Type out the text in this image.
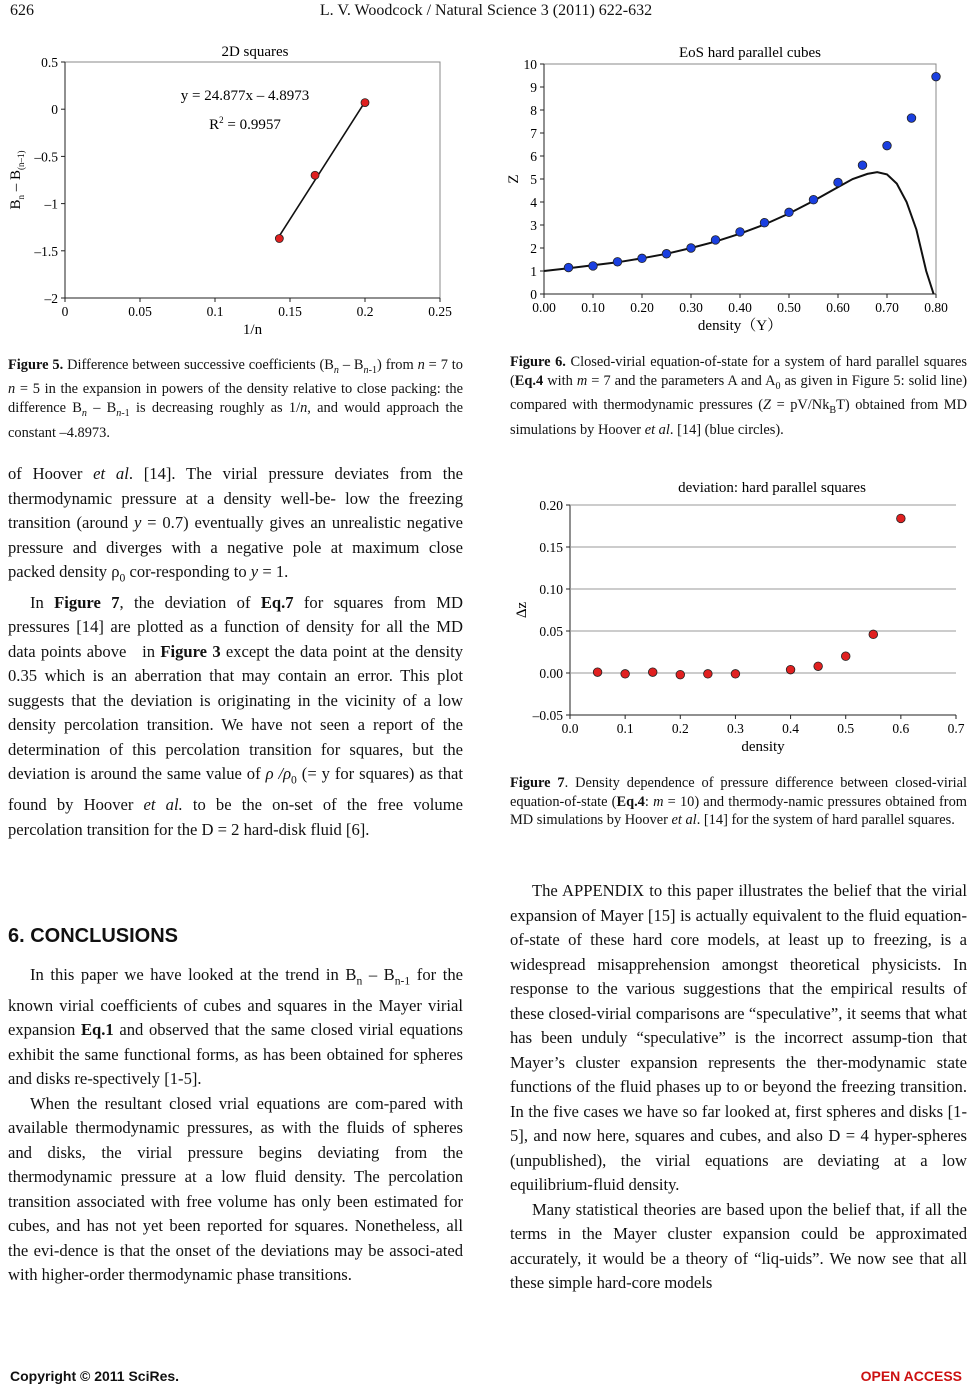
626	L. V. Woodcock / Natural Science 3 (2011) 622-632
0	0.05	0.1	0.15	0.2	0.25
0.5
0
–0.5
–1
–1.5
–2
2D squares
1/n
$B_n - B_{(n-1)}$
y = 24.877x – 4.8973
$R^2 = 0.9957$
0.00 0.10 0.20 0.30 0.40 0.50 0.60 0.70 0.80
10
9
8
7
6
5
4
3
2
1
0
EoS hard parallel cubes
density（Y）
Z
0.0	0.1	0.2	0.3	0.4	0.5	0.6	0.7
0.20
0.15
0.10
0.05
0.00
–0.05
deviation: hard parallel squares
density
Δz
Figure 5. Difference between successive coefficients $(B_n - B_{n-1})$ from n = 7 to n = 5 in the expansion in powers of the density relative to close packing: the difference $B_n - B_{n-1}$ is decreasing roughly as 1/n, and would approach the constant –4.8973.
Figure 6. Closed-virial equation-of-state for a system of hard parallel squares (Eq.4 with m = 7 and the parameters A and $A_0$ as given in Figure 5: solid line) compared with thermodynamic pressures $(Z = pV/Nk_BT)$ obtained from MD simulations by Hoover et al. [14] (blue circles).
Figure 7. Density dependence of pressure difference between closed-virial equation-of-state (Eq.4: m = 10) and thermody-namic pressures obtained from MD simulations by Hoover et al. [14] for the system of hard parallel squares.

of Hoover et al. [14]. The virial pressure deviates from the thermodynamic pressure at a density well-be- low the freezing transition (around y = 0.7) eventually gives an unrealistic negative pressure and diverges with a negative pole at maximum close packed density $\rho_0$ cor-responding to y = 1.

In Figure 7, the deviation of Eq.7 for squares from MD pressures [14] are plotted as a function of density for all the MD data points above   in Figure 3 except the data point at the density 0.35 which is an aberration that may contain an error. This plot suggests that the deviation is originating in the vicinity of a low density percolation transition. We have not seen a report of the determination of this percolation transition for squares, but the deviation is around the same value of ρ $/\rho_0$ (= y for squares) as that found by Hoover et al. to be the on-set of the free volume percolation transition for the D = 2 hard-disk fluid [6].

6. CONCLUSIONS

In this paper we have looked at the trend in $B_n - B_{n-1}$ for the known virial coefficients of cubes and squares in the Mayer virial expansion Eq.1 and observed that the same closed virial equations exhibit the same functional forms, as has been obtained for spheres and disks re-spectively [1-5].

When the resultant closed vrial equations are com-pared with available thermodynamic pressures, as with the fluids of spheres and disks, the virial pressure begins deviating from the thermodynamic pressure at a low fluid density. The percolation transition associated with free volume has only been estimated for cubes, and has not yet been reported for squares. Nonetheless, all the evi-dence is that the onset of the deviations may be associ-ated with higher-order thermodynamic phase transitions.

The APPENDIX to this paper illustrates the belief that the virial expansion of Mayer [15] is actually equivalent to the fluid equation-of-state of these hard core models, at least up to freezing, is a widespread misapprehension amongst theoretical physicists. In response to the various suggestions that the empirical results of these closed-virial comparisons are “speculative”, it seems that what has been unduly “speculative” is the incorrect assump-tion that Mayer’s cluster expansion represents the ther-modynamic state functions of the fluid phases up to or beyond the freezing transition. In the five cases we have so far looked at, first spheres and disks [1-5], and now here, squares and cubes, and also D = 4 hyper-spheres (unpublished), the virial equations are deviating at a low equilibrium-fluid density.

Many statistical theories are based upon the belief that, if all the terms in the Mayer cluster expansion could be approximated accurately, it would be a theory of “liq-uids”. We now see that all these simple hard-core models

Copyright © 2011 SciRes.	OPEN ACCESS
